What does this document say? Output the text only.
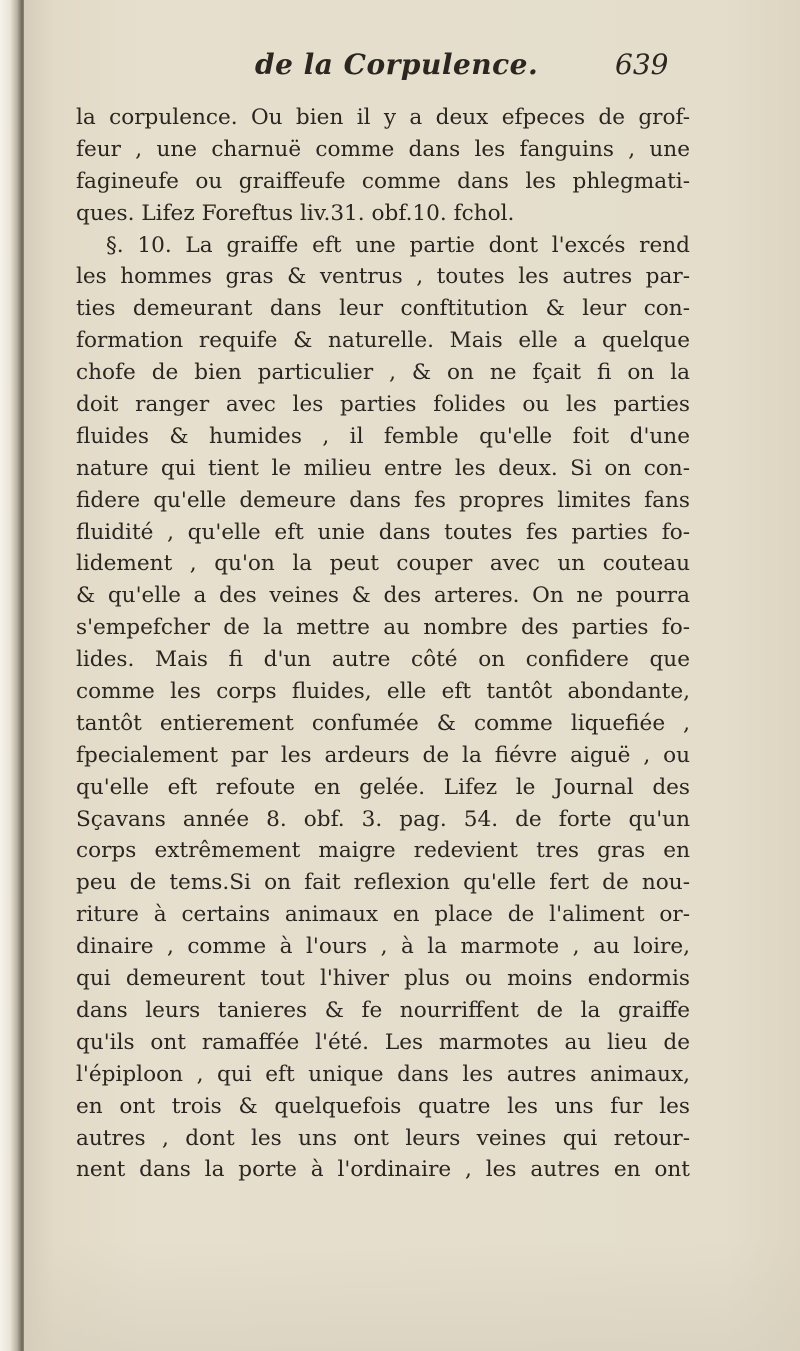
de la Corpulence.	639
la corpulence. Ou bien il y a deux efpeces de grof-
feur , une charnuë comme dans les fanguins , une
fagineufe ou graiffeufe comme dans les phlegmati-
ques. Lifez Foreftus liv.31. obf.10. fchol.
§. 10. La graiffe eft une partie dont l'excés rend
les hommes gras & ventrus , toutes les autres par-
ties demeurant dans leur conftitution & leur con-
formation requife & naturelle. Mais elle a quelque
chofe de bien particulier , & on ne fçait fi on la
doit ranger avec les parties folides ou les parties
fluides & humides , il femble qu'elle foit d'une
nature qui tient le milieu entre les deux. Si on con-
fidere qu'elle demeure dans fes propres limites fans
fluidité , qu'elle eft unie dans toutes fes parties fo-
lidement , qu'on la peut couper avec un couteau
& qu'elle a des veines & des arteres. On ne pourra
s'empefcher de la mettre au nombre des parties fo-
lides. Mais fi d'un autre côté on confidere que
comme les corps fluides, elle eft tantôt abondante,
tantôt entierement confumée & comme liquefiée ,
fpecialement par les ardeurs de la fiévre aiguë , ou
qu'elle eft refoute en gelée. Lifez le Journal des
Sçavans année 8. obf. 3. pag. 54. de forte qu'un
corps extrêmement maigre redevient tres gras en
peu de tems.Si on fait reflexion qu'elle fert de nou-
riture à certains animaux en place de l'aliment or-
dinaire , comme à l'ours , à la marmote , au loire,
qui demeurent tout l'hiver plus ou moins endormis
dans leurs tanieres & fe nourriffent de la graiffe
qu'ils ont ramaffée l'été. Les marmotes au lieu de
l'épiploon , qui eft unique dans les autres animaux,
en ont trois & quelquefois quatre les uns fur les
autres , dont les uns ont leurs veines qui retour-
nent dans la porte à l'ordinaire , les autres en ont
